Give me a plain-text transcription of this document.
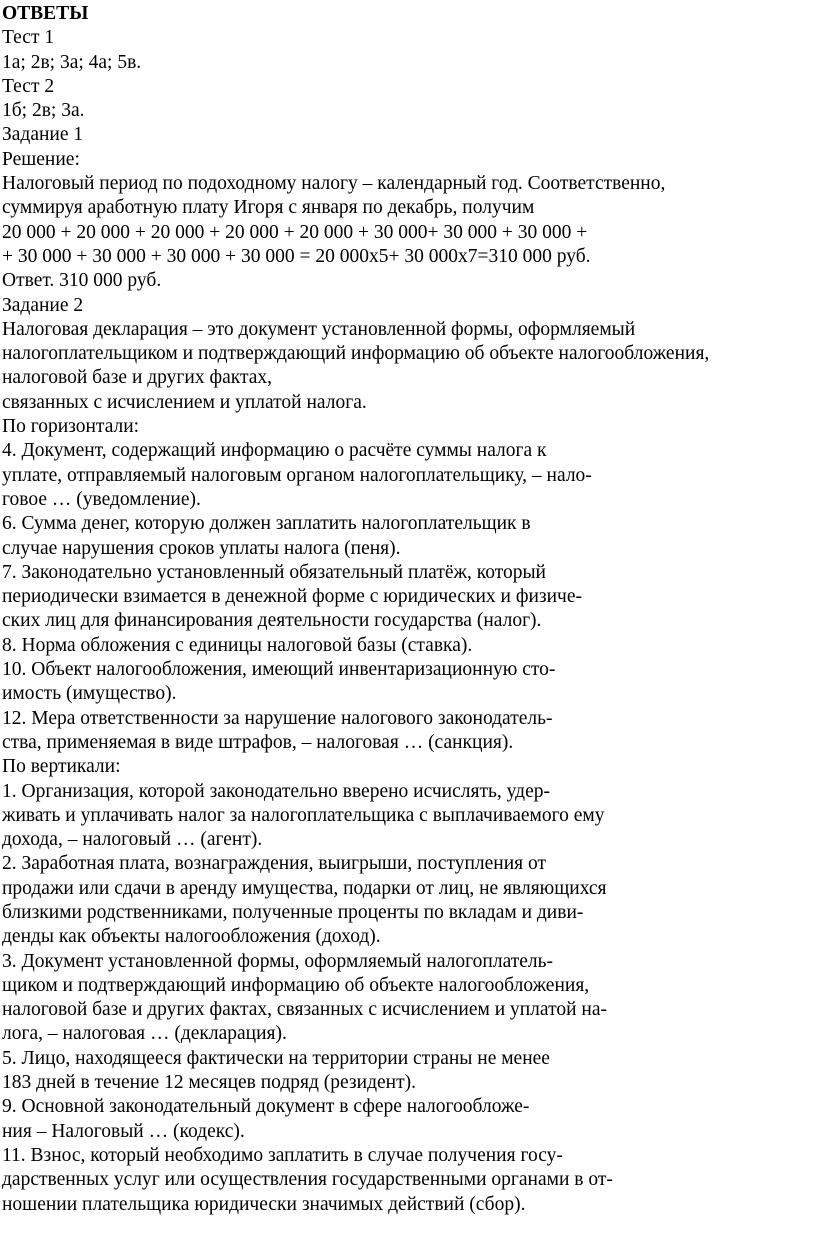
ОТВЕТЫ
Тест 1
1а; 2в; 3а; 4а; 5в.
Тест 2
1б; 2в; 3а.
Задание 1
Решение:
Налоговый период по подоходному налогу – календарный год. Соответственно,
суммируя аработную плату Игоря с января по декабрь, получим
20 000 + 20 000 + 20 000 + 20 000 + 20 000 + 30 000+ 30 000 + 30 000 +
+ 30 000 + 30 000 + 30 000 + 30 000 = 20 000х5+ 30 000х7=310 000 руб.
Ответ. 310 000 руб.
Задание 2
Налоговая декларация – это документ установленной формы, оформляемый
налогоплательщиком и подтверждающий информацию об объекте налогообложения,
налоговой базе и других фактах,
связанных с исчислением и уплатой налога.
По горизонтали:
4. Документ, содержащий информацию о расчёте суммы налога к
уплате, отправляемый налоговым органом налогоплательщику, – нало-
говое … (уведомление).
6. Сумма денег, которую должен заплатить налогоплательщик в
случае нарушения сроков уплаты налога (пеня).
7. Законодательно установленный обязательный платёж, который
периодически взимается в денежной форме с юридических и физиче-
ских лиц для финансирования деятельности государства (налог).
8. Норма обложения с единицы налоговой базы (ставка).
10. Объект налогообложения, имеющий инвентаризационную сто-
имость (имущество).
12. Мера ответственности за нарушение налогового законодатель-
ства, применяемая в виде штрафов, – налоговая … (санкция).
По вертикали:
1. Организация, которой законодательно вверено исчислять, удер-
живать и уплачивать налог за налогоплательщика с выплачиваемого ему
дохода, – налоговый … (агент).
2. Заработная плата, вознаграждения, выигрыши, поступления от
продажи или сдачи в аренду имущества, подарки от лиц, не являющихся
близкими родственниками, полученные проценты по вкладам и диви-
денды как объекты налогообложения (доход).
3. Документ установленной формы, оформляемый налогоплатель-
щиком и подтверждающий информацию об объекте налогообложения,
налоговой базе и других фактах, связанных с исчислением и уплатой на-
лога, – налоговая … (декларация).
5. Лицо, находящееся фактически на территории страны не менее
183 дней в течение 12 месяцев подряд (резидент).
9. Основной законодательный документ в сфере налогообложе-
ния – Налоговый … (кодекс).
11. Взнос, который необходимо заплатить в случае получения госу-
дарственных услуг или осуществления государственными органами в от-
ношении плательщика юридически значимых действий (сбор).
